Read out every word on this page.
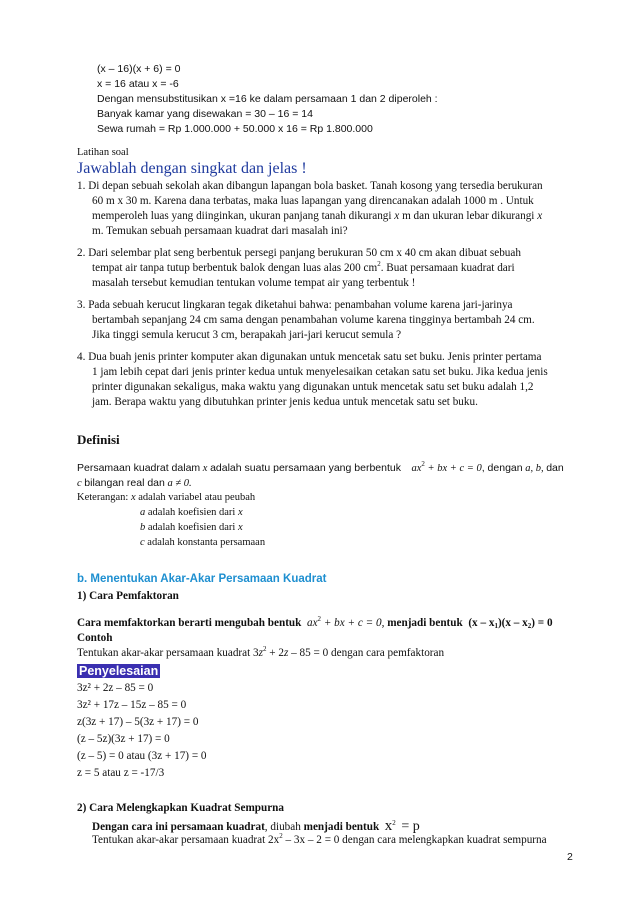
(x – 16)(x + 6) = 0
x = 16 atau x = -6
Dengan mensubstitusikan x =16 ke dalam persamaan 1 dan 2 diperoleh :
Banyak kamar yang disewakan = 30 – 16 = 14
Sewa rumah = Rp 1.000.000 + 50.000 x 16 = Rp 1.800.000
Latihan soal
Jawablah dengan singkat dan jelas !
1. Di depan sebuah sekolah akan dibangun lapangan bola basket. Tanah kosong yang tersedia berukuran
60 m x 30 m. Karena dana terbatas, maka luas lapangan yang direncanakan adalah 1000 m . Untuk
memperoleh luas yang diinginkan, ukuran panjang tanah dikurangi x m dan ukuran lebar dikurangi x
m. Temukan sebuah persamaan kuadrat dari masalah ini?
2. Dari selembar plat seng berbentuk persegi panjang berukuran 50 cm x 40 cm akan dibuat sebuah
tempat air tanpa tutup berbentuk balok dengan luas alas 200 $cm^2$. Buat persamaan kuadrat dari
masalah tersebut kemudian tentukan volume tempat air yang terbentuk !
3. Pada sebuah kerucut lingkaran tegak diketahui bahwa: penambahan volume karena jari-jarinya
bertambah sepanjang 24 cm sama dengan penambahan volume karena tingginya bertambah 24 cm.
Jika tinggi semula kerucut 3 cm, berapakah jari-jari kerucut semula ?
4. Dua buah jenis printer komputer akan digunakan untuk mencetak satu set buku. Jenis printer pertama
1 jam lebih cepat dari jenis printer kedua untuk menyelesaikan cetakan satu set buku. Jika kedua jenis
printer digunakan sekaligus, maka waktu yang digunakan untuk mencetak satu set buku adalah 1,2
jam. Berapa waktu yang dibutuhkan printer jenis kedua untuk mencetak satu set buku.
Definisi
Persamaan kuadrat dalam x adalah suatu persamaan yang berbentuk $ax^2$ + bx + c = 0, dengan a, b, dan
c bilangan real dan a ≠ 0.
Keterangan: x adalah variabel atau peubah
a adalah koefisien dari x
b adalah koefisien dari x
c adalah konstanta persamaan
b. Menentukan Akar-Akar Persamaan Kuadrat
1) Cara Pemfaktoran
Cara memfaktorkan berarti mengubah bentuk $ax^2$ + bx + c = 0, menjadi bentuk $(x - x_1)(x - x_2) = 0$
Contoh
Tentukan akar-akar persamaan kuadrat $3z^2 + 2z - 85 = 0$ dengan cara pemfaktoran
Penyelesaian
3z² + 2z – 85 = 0
3z² + 17z – 15z – 85 = 0
z(3z + 17) – 5(3z + 17) = 0
(z – 5z)(3z + 17) = 0
(z – 5) = 0 atau (3z + 17) = 0
z = 5 atau z = -17/3
2) Cara Melengkapkan Kuadrat Sempurna
Dengan cara ini persamaan kuadrat, diubah menjadi bentuk $x^2 = p$
Tentukan akar-akar persamaan kuadrat $2x^2 - 3x - 2 = 0$ dengan cara melengkapkan kuadrat sempurna
2
